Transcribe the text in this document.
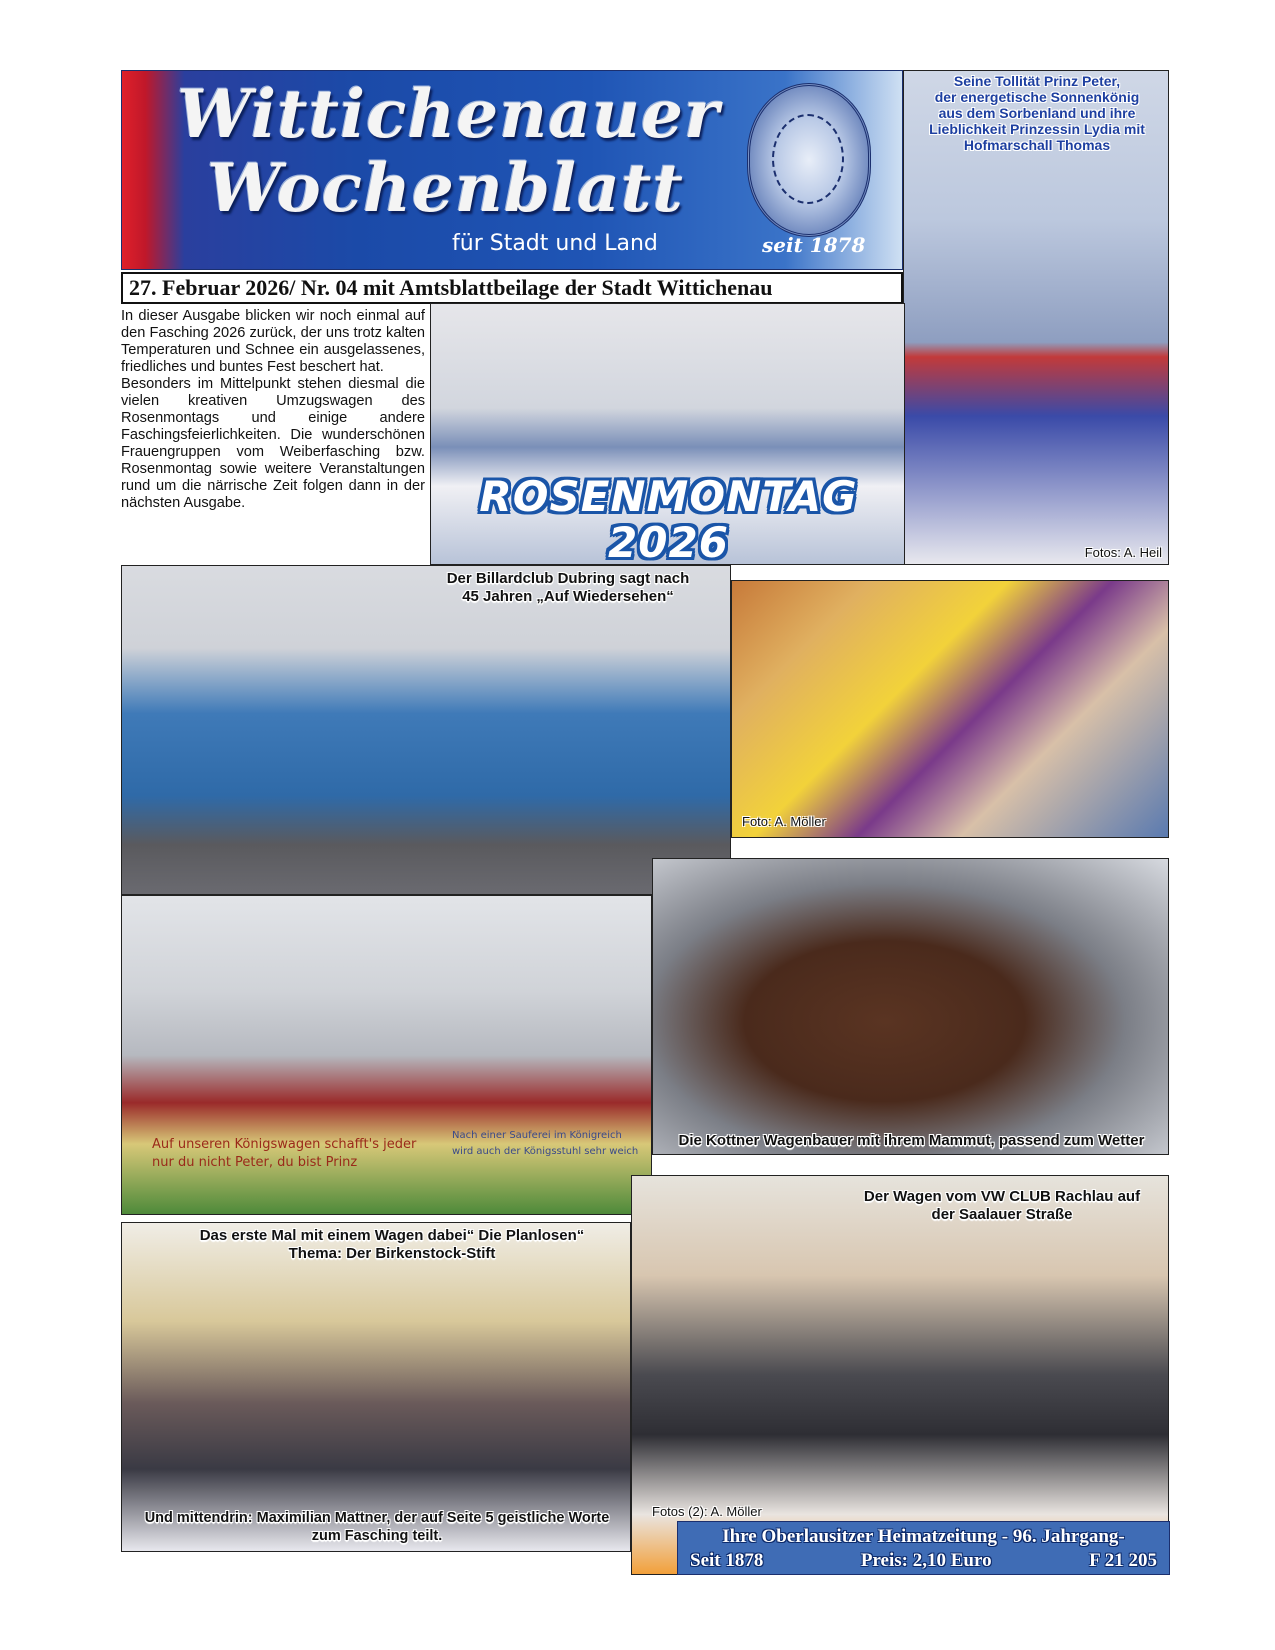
Wittichenauer
Wochenblatt
für Stadt und Land	seit 1878
Seine Tollität Prinz Peter,
der energetische Sonnenkönig
aus dem Sorbenland und ihre
Lieblichkeit Prinzessin Lydia mit
Hofmarschall Thomas
Fotos: A. Heil
27. Februar 2026/ Nr. 04 mit Amtsblattbeilage der Stadt Wittichenau

In dieser Ausgabe blicken wir noch einmal auf den Fasching 2026 zurück, der uns trotz kalten Temperaturen und Schnee ein ausgelassenes, friedliches und buntes Fest beschert hat.

Besonders im Mittelpunkt stehen diesmal die vielen kreativen Umzugswagen des Rosenmontags und einige andere Faschingsfeierlichkeiten. Die wunderschönen Frauengruppen vom Weiberfasching bzw. Rosenmontag sowie weitere Veranstaltungen rund um die närrische Zeit folgen dann in der nächsten Ausgabe.	ROSENMONTAG
2026
Der Billardclub Dubring sagt nach
45 Jahren „Auf Wiedersehen“
Foto: A. Möller
Auf unseren Königswagen schafft's jeder
nur du nicht Peter, du bist Prinz
Nach einer Sauferei im Königreich
wird auch der Königsstuhl sehr weich
Die Kottner Wagenbauer mit ihrem Mammut, passend zum Wetter
Der Wagen vom VW CLUB Rachlau auf
der Saalauer Straße
Fotos (2): A. Möller
Das erste Mal mit einem Wagen dabei“ Die Planlosen“
Thema: Der Birkenstock-Stift
Und mittendrin: Maximilian Mattner, der auf Seite 5 geistliche Worte
zum Fasching teilt.	Ihre Oberlausitzer Heimatzeitung - 96. Jahrgang-
Seit 1878	Preis: 2,10 Euro	F 21 205
